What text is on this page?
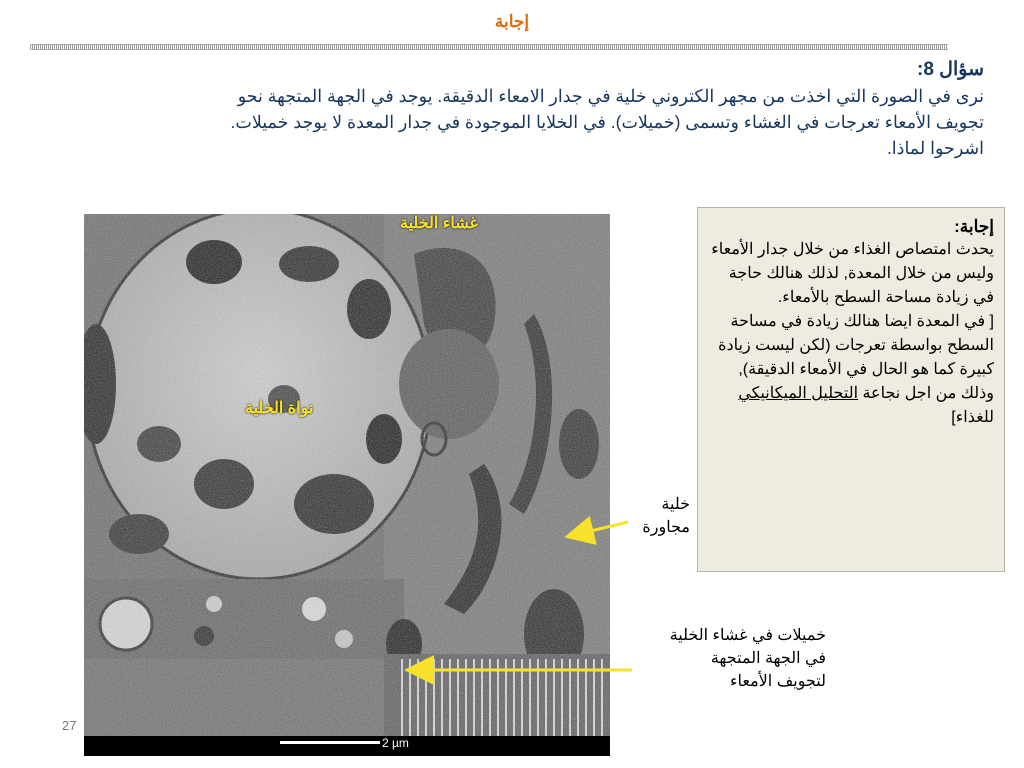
إجابة
سؤال 8:
نرى في الصورة التي اخذت من مجهر الكتروني خلية في جدار الامعاء الدقيقة. يوجد في الجهة المتجهة نحو
تجويف الأمعاء تعرجات في الغشاء وتسمى (خميلات). في الخلايا الموجودة في جدار المعدة لا يوجد خميلات.
اشرحوا لماذا.
غشاء الخلية
نواة الخلية
2 µm
إجابة:
يحدث امتصاص الغذاء من خلال جدار الأمعاء وليس من خلال المعدة, لذلك هنالك حاجة في زيادة مساحة السطح بالأمعاء.
[ في المعدة ايضا هنالك زيادة في مساحة السطح بواسطة تعرجات (لكن ليست زيادة كبيرة كما هو الحال في الأمعاء الدقيقة), وذلك من اجل نجاعة التحليل الميكانيكي للغذاء]
خلية
مجاورة
خميلات في غشاء الخلية
في الجهة المتجهة
لتجويف الأمعاء
27
